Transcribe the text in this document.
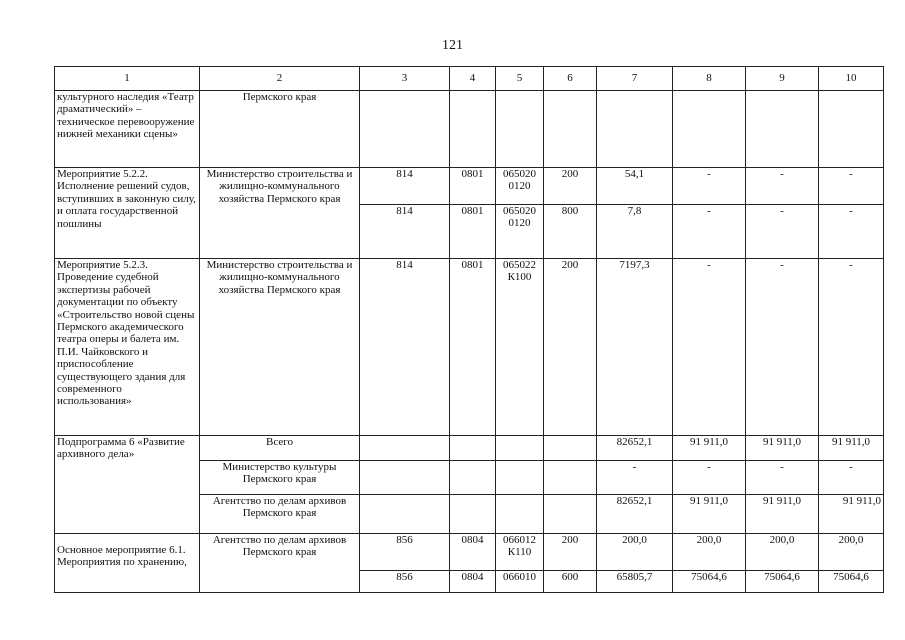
121
1	2	3	4	5	6	7	8	9	10
культурного наследия «Театр драматический» – техническое перевооружение нижней механики сцены»	Пермского края								
Мероприятие 5.2.2. Исполнение решений судов, вступивших в законную силу, и оплата государственной пошлины	Министерство строительства и жилищно-коммунального хозяйства Пермского края	814	0801	065020 0120	200	54,1	-	-	-
		814	0801	065020 0120	800	7,8	-	-	-
Мероприятие 5.2.3. Проведение судебной экспертизы рабочей документации по объекту «Строительство новой сцены Пермского академического театра оперы и балета им. П.И. Чайковского и приспособление существующего здания для современного использования»	Министерство строительства и жилищно-коммунального хозяйства Пермского края	814	0801	065022 К100	200	7197,3	-	-	-
Подпрограмма 6 «Развитие архивного дела»	Всего					82652,1	91 911,0	91 911,0	91 911,0
	Министерство культуры Пермского края					-	-	-	-
	Агентство по делам архивов Пермского края					82652,1	91 911,0	91 911,0	91 911,0
Основное мероприятие 6.1. Мероприятия по хранению,	Агентство по делам архивов Пермского края	856	0804	066012 К110	200	200,0	200,0	200,0	200,0
		856	0804	066010	600	65805,7	75064,6	75064,6	75064,6
